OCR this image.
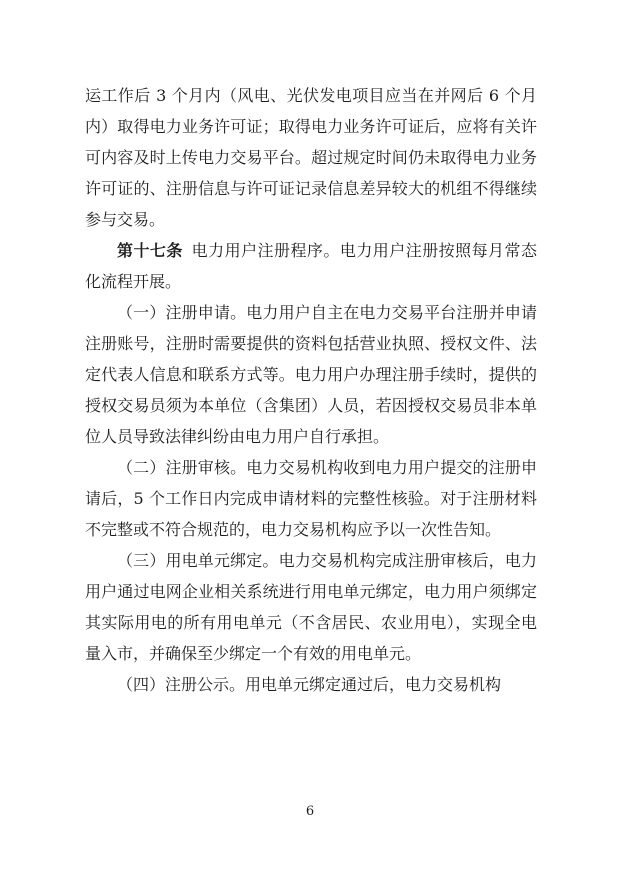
运工作后 3 个月内（风电、光伏发电项目应当在并网后 6 个月内）取得电力业务许可证；取得电力业务许可证后，应将有关许可内容及时上传电力交易平台。超过规定时间仍未取得电力业务许可证的、注册信息与许可证记录信息差异较大的机组不得继续参与交易。

第十七条 电力用户注册程序。电力用户注册按照每月常态化流程开展。

（一）注册申请。电力用户自主在电力交易平台注册并申请注册账号，注册时需要提供的资料包括营业执照、授权文件、法定代表人信息和联系方式等。电力用户办理注册手续时，提供的授权交易员须为本单位（含集团）人员，若因授权交易员非本单位人员导致法律纠纷由电力用户自行承担。

（二）注册审核。电力交易机构收到电力用户提交的注册申请后，5 个工作日内完成申请材料的完整性核验。对于注册材料不完整或不符合规范的，电力交易机构应予以一次性告知。

（三）用电单元绑定。电力交易机构完成注册审核后，电力用户通过电网企业相关系统进行用电单元绑定，电力用户须绑定其实际用电的所有用电单元（不含居民、农业用电），实现全电量入市，并确保至少绑定一个有效的用电单元。

（四）注册公示。用电单元绑定通过后，电力交易机构

6
